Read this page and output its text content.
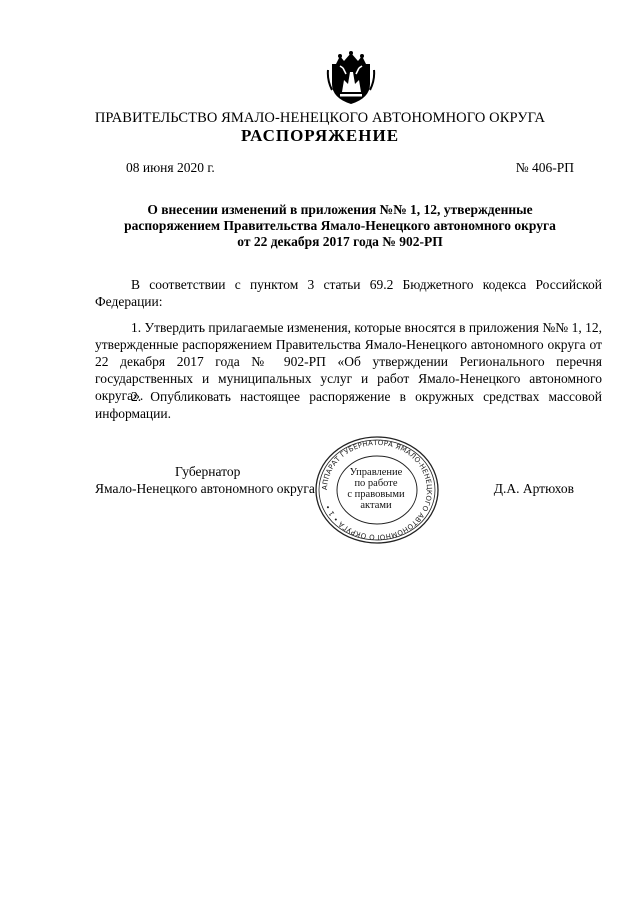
ПРАВИТЕЛЬСТВО ЯМАЛО-НЕНЕЦКОГО АВТОНОМНОГО ОКРУГА
РАСПОРЯЖЕНИЕ
08 июня 2020 г.	№ 406-РП
О внесении изменений в приложения №№ 1, 12, утвержденные
распоряжением Правительства Ямало-Ненецкого автономного округа
от 22 декабря 2017 года № 902-РП
В соответствии с пунктом 3 статьи 69.2 Бюджетного кодекса Российской Федерации:
1. Утвердить прилагаемые изменения, которые вносятся в приложения №№ 1, 12, утвержденные распоряжением Правительства Ямало-Ненецкого автономного округа от 22 декабря 2017 года № 902-РП «Об утверждении Регионального перечня государственных и муниципальных услуг и работ Ямало-Ненецкого автономного округа».
2. Опубликовать настоящее распоряжение в окружных средствах массовой информации.
АППАРАТ ГУБЕРНАТОРА ЯМАЛО-НЕНЕЦКОГО АВТОНОМНОГО ОКРУГА • 1 •
Управление
по работе
с правовыми
актами
Губернатор
Ямало-Ненецкого автономного округа	Д.А. Артюхов
